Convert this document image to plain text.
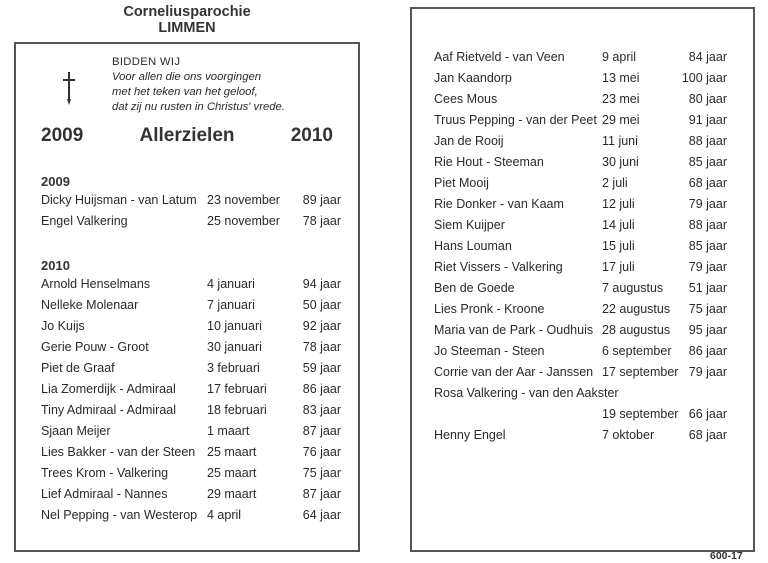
Corneliusparochie
LIMMEN
BIDDEN WIJ
Voor allen die ons voorgingen
met het teken van het geloof,
dat zij nu rusten in Christus' vrede.
2009	Allerzielen	2010
2009
Dicky Huijsman - van Latum 23 november 89 jaar
Engel Valkering	25 november 78 jaar
2010
Arnold Henselmans	4 januari	94 jaar
Nelleke Molenaar	7 januari	50 jaar
Jo Kuijs	10 januari	92 jaar
Gerie Pouw - Groot	30 januari	78 jaar
Piet de Graaf	3 februari	59 jaar
Lia Zomerdijk - Admiraal 17 februari	86 jaar
Tiny Admiraal - Admiraal 18 februari	83 jaar
Sjaan Meijer	1 maart	87 jaar
Lies Bakker - van der Steen 25 maart	76 jaar
Trees Krom - Valkering	25 maart	75 jaar
Lief Admiraal - Nannes	29 maart	87 jaar
Nel Pepping - van Westerop 4 april	64 jaar
Aaf Rietveld - van Veen	9 april	84 jaar
Jan Kaandorp	13 mei	100 jaar
Cees Mous	23 mei	80 jaar
Truus Pepping - van der Peet 29 mei	91 jaar
Jan de Rooij	11 juni	88 jaar
Rie Hout - Steeman	30 juni	85 jaar
Piet Mooij	2 juli	68 jaar
Rie Donker - van Kaam	12 juli	79 jaar
Siem Kuijper	14 juli	88 jaar
Hans Louman	15 juli	85 jaar
Riet Vissers - Valkering	17 juli	79 jaar
Ben de Goede	7 augustus 51 jaar
Lies Pronk - Kroone	22 augustus 75 jaar
Maria van de Park - Oudhuis 28 augustus 95 jaar
Jo Steeman - Steen	6 september 86 jaar
Corrie van der Aar - Janssen 17 september 79 jaar
Rosa Valkering - van den Aakster
19 september 66 jaar
Henny Engel	7 oktober	68 jaar
600-17
